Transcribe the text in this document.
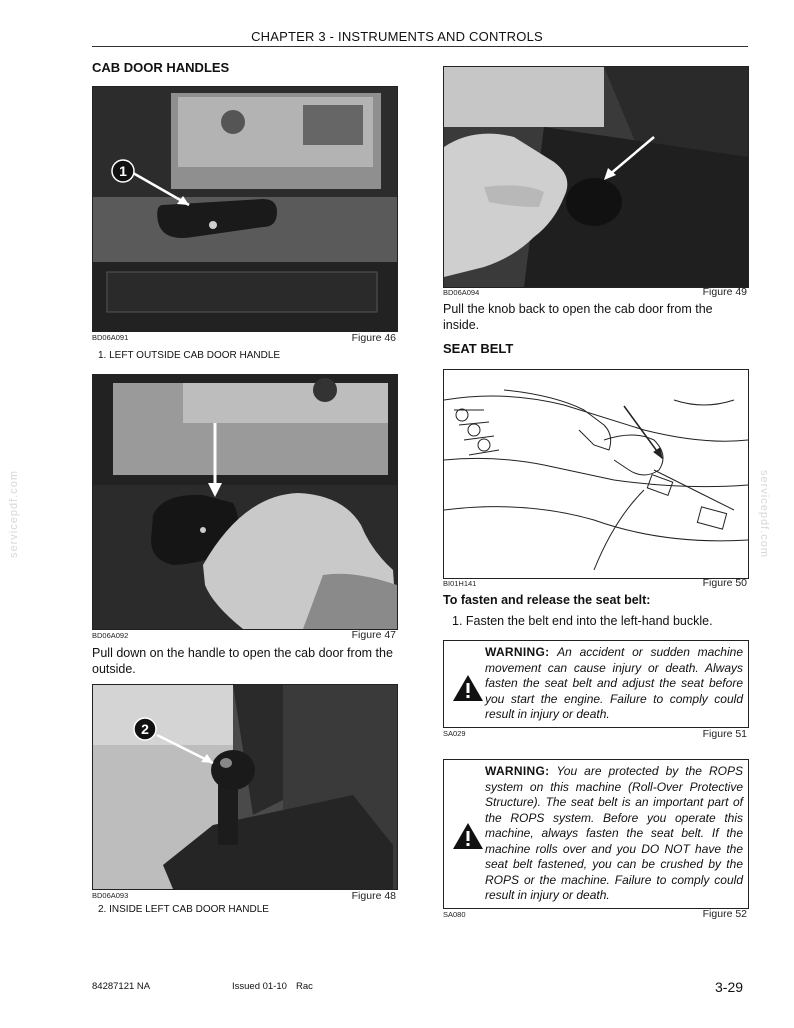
CHAPTER 3 - INSTRUMENTS AND CONTROLS
servicepdf.com	servicepdf.com
CAB DOOR HANDLES
1
BD06A091	Figure 46
1. LEFT OUTSIDE CAB DOOR HANDLE
BD06A092	Figure 47
Pull down on the handle to open the cab door from the outside.
2
BD06A093	Figure 48
2. INSIDE LEFT CAB DOOR HANDLE
BD06A094	Figure 49
Pull the knob back to open the cab door from the inside.
SEAT BELT
BI01H141	Figure 50
To fasten and release the seat belt:
1. Fasten the belt end into the left-hand buckle.
WARNING: An accident or sudden machine movement can cause injury or death. Always fasten the seat belt and adjust the seat before you start the engine. Failure to comply could result in injury or death.
SA029	Figure 51
WARNING: You are protected by the ROPS system on this machine (Roll-Over Protective Structure). The seat belt is an important part of the ROPS system. Before you operate this machine, always fasten the seat belt. If the machine rolls over and you DO NOT have the seat belt fastened, you can be crushed by the ROPS or the machine. Failure to comply could result in injury or death.
SA080	Figure 52
84287121 NA	Issued 01-10 Rac	3-29
